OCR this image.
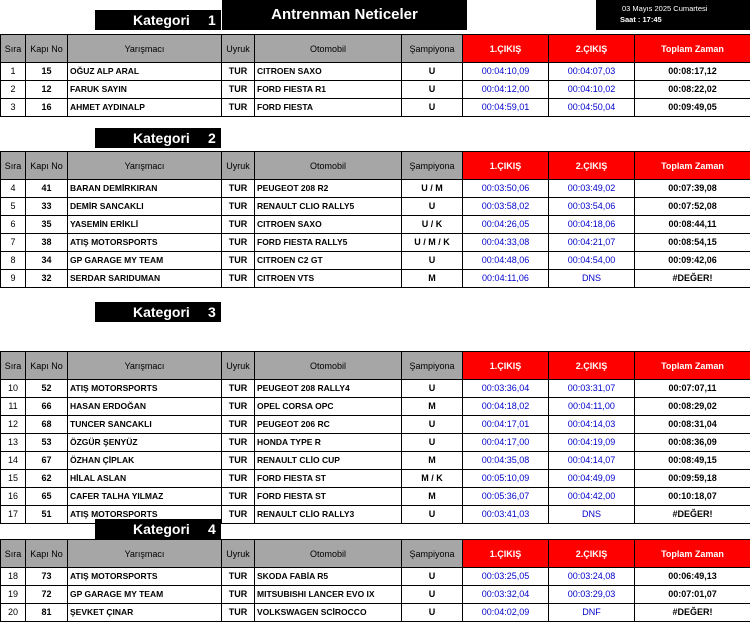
Kategori 1	Antrenman Neticeler	03 Mayıs 2025 Cumartesi
Saat : 17:45
Sıra	Kapı No	Yarışmacı	Uyruk	Otomobil	Şampiyona	1.ÇIKIŞ	2.ÇIKIŞ	Toplam Zaman
1	15	OĞUZ ALP ARAL	TUR	CITROEN SAXO	U	00:04:10,09	00:04:07,03	00:08:17,12
2	12	FARUK SAYIN	TUR	FORD FIESTA R1	U	00:04:12,00	00:04:10,02	00:08:22,02
3	16	AHMET AYDINALP	TUR	FORD FIESTA	U	00:04:59,01	00:04:50,04	00:09:49,05
Kategori 2
Sıra	Kapı No	Yarışmacı	Uyruk	Otomobil	Şampiyona	1.ÇIKIŞ	2.ÇIKIŞ	Toplam Zaman
4	41	BARAN DEMİRKIRAN	TUR	PEUGEOT 208 R2	U / M	00:03:50,06	00:03:49,02	00:07:39,08
5	33	DEMİR SANCAKLI	TUR	RENAULT CLIO RALLY5	U	00:03:58,02	00:03:54,06	00:07:52,08
6	35	YASEMİN ERİKLİ	TUR	CITROEN SAXO	U / K	00:04:26,05	00:04:18,06	00:08:44,11
7	38	ATIŞ MOTORSPORTS	TUR	FORD FIESTA RALLY5	U / M / K	00:04:33,08	00:04:21,07	00:08:54,15
8	34	GP GARAGE MY TEAM	TUR	CITROEN C2 GT	U	00:04:48,06	00:04:54,00	00:09:42,06
9	32	SERDAR SARIDUMAN	TUR	CITROEN VTS	M	00:04:11,06	DNS	#DEĞER!
Kategori 3
Sıra	Kapı No	Yarışmacı	Uyruk	Otomobil	Şampiyona	1.ÇIKIŞ	2.ÇIKIŞ	Toplam Zaman
10	52	ATIŞ MOTORSPORTS	TUR	PEUGEOT 208 RALLY4	U	00:03:36,04	00:03:31,07	00:07:07,11
11	66	HASAN ERDOĞAN	TUR	OPEL CORSA OPC	M	00:04:18,02	00:04:11,00	00:08:29,02
12	68	TUNCER SANCAKLI	TUR	PEUGEOT 206 RC	U	00:04:17,01	00:04:14,03	00:08:31,04
13	53	ÖZGÜR ŞENYÜZ	TUR	HONDA TYPE R	U	00:04:17,00	00:04:19,09	00:08:36,09
14	67	ÖZHAN ÇİPLAK	TUR	RENAULT CLİO CUP	M	00:04:35,08	00:04:14,07	00:08:49,15
15	62	HİLAL ASLAN	TUR	FORD FIESTA ST	M / K	00:05:10,09	00:04:49,09	00:09:59,18
16	65	CAFER TALHA YILMAZ	TUR	FORD FIESTA ST	M	00:05:36,07	00:04:42,00	00:10:18,07
17	51	ATIŞ MOTORSPORTS	TUR	RENAULT CLİO RALLY3	U	00:03:41,03	DNS	#DEĞER!
Kategori 4
Sıra	Kapı No	Yarışmacı	Uyruk	Otomobil	Şampiyona	1.ÇIKIŞ	2.ÇIKIŞ	Toplam Zaman
18	73	ATIŞ MOTORSPORTS	TUR	SKODA FABİA R5	U	00:03:25,05	00:03:24,08	00:06:49,13
19	72	GP GARAGE MY TEAM	TUR	MITSUBISHI LANCER EVO IX	U	00:03:32,04	00:03:29,03	00:07:01,07
20	81	ŞEVKET ÇINAR	TUR	VOLKSWAGEN SCİROCCO	U	00:04:02,09	DNF	#DEĞER!
